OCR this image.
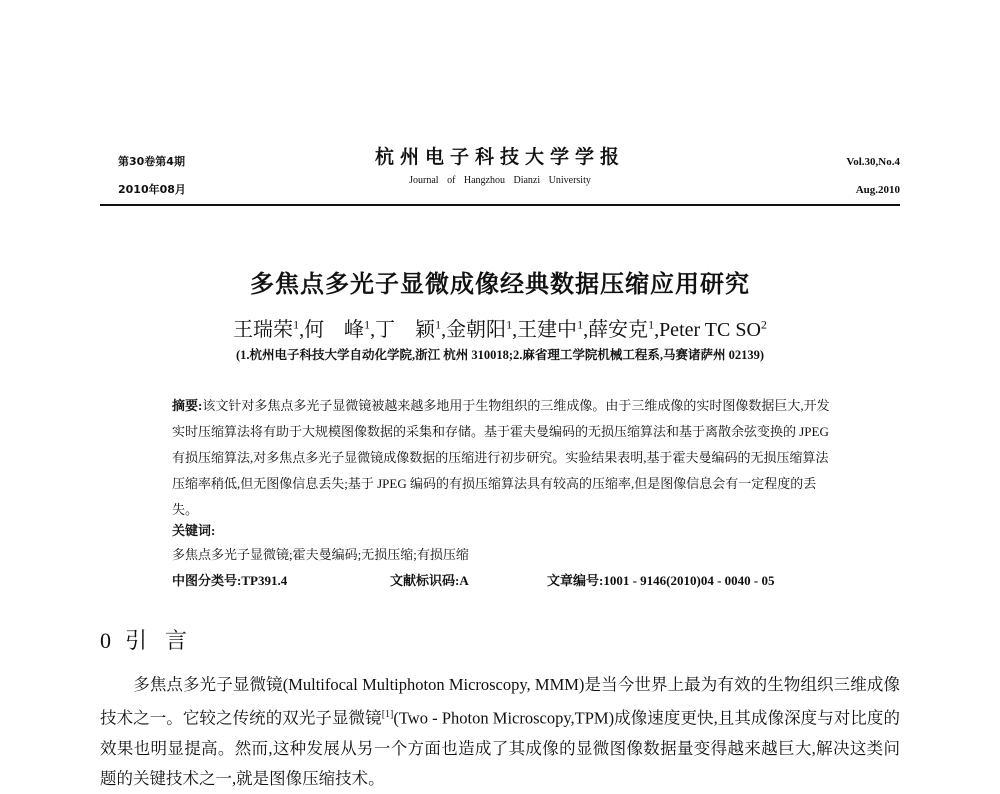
第30卷第4期
2010年08月
杭州电子科技大学学报
Journal of Hangzhou Dianzi University
Vol.30,No.4
Aug.2010
多焦点多光子显微成像经典数据压缩应用研究
王瑞荣$^1$,何　峰$^1$,丁　颖$^1$,金朝阳$^1$,王建中$^1$,薛安克$^1$,Peter TC $SO^2$
(1.杭州电子科技大学自动化学院,浙江 杭州 310018;2.麻省理工学院机械工程系,马赛诸萨州 02139)
摘要:该文针对多焦点多光子显微镜被越来越多地用于生物组织的三维成像。由于三维成像的实时图像数据巨大,开发实时压缩算法将有助于大规模图像数据的采集和存储。基于霍夫曼编码的无损压缩算法和基于离散余弦变换的 JPEG 有损压缩算法,对多焦点多光子显微镜成像数据的压缩进行初步研究。实验结果表明,基于霍夫曼编码的无损压缩算法压缩率稍低,但无图像信息丢失;基于 JPEG 编码的有损压缩算法具有较高的压缩率,但是图像信息会有一定程度的丢失。
关键词:
多焦点多光子显微镜;霍夫曼编码;无损压缩;有损压缩
中图分类号:TP391.4	文献标识码:A	文章编号:1001 - 9146(2010)04 - 0040 - 05
0 引言
　　多焦点多光子显微镜(Multifocal Multiphoton Microscopy, MMM)是当今世界上最为有效的生物组织三维成像技术之一。它较之传统的双光子显微镜[1](Two - Photon Microscopy,TPM)成像速度更快,且其成像深度与对比度的效果也明显提高。然而,这种发展从另一个方面也造成了其成像的显微图像数据量变得越来越巨大,解决这类问题的关键技术之一,就是图像压缩技术。
